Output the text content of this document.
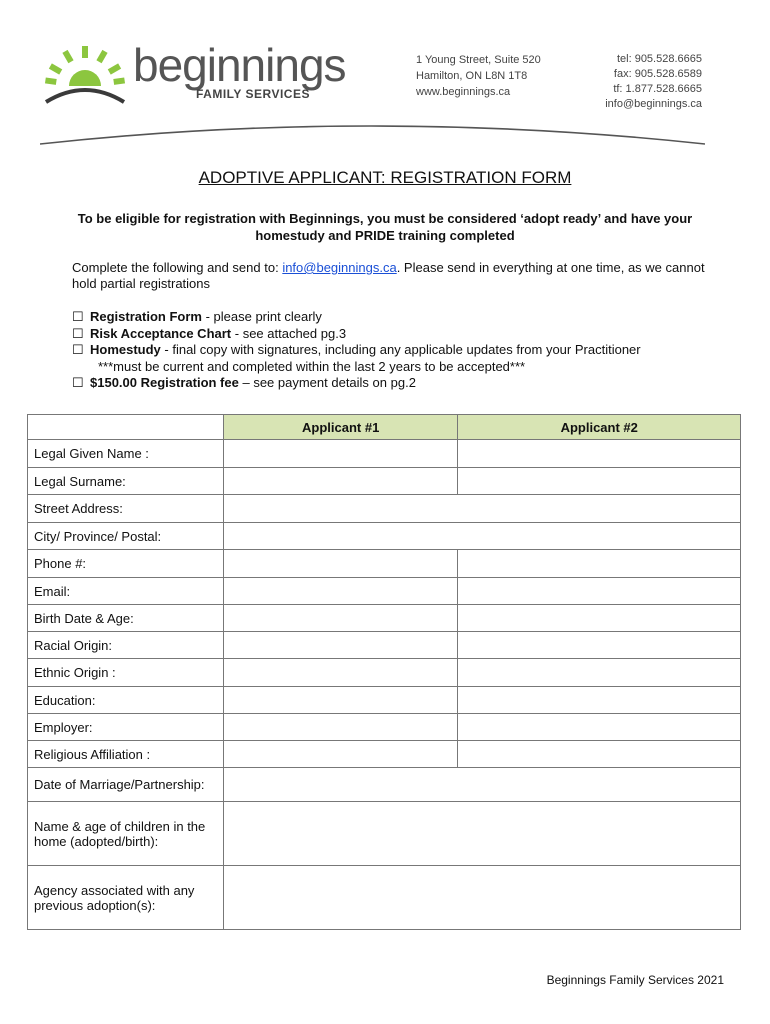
beginnings
FAMILY SERVICES
1 Young Street, Suite 520
Hamilton, ON L8N 1T8
www.beginnings.ca
tel: 905.528.6665
fax: 905.528.6589
tf: 1.877.528.6665
info@beginnings.ca
ADOPTIVE APPLICANT: REGISTRATION FORM
To be eligible for registration with Beginnings, you must be considered ‘adopt ready’ and have your homestudy and PRIDE training completed
Complete the following and send to: info@beginnings.ca. Please send in everything at one time, as we cannot hold partial registrations
☐ Registration Form - please print clearly
☐ Risk Acceptance Chart - see attached pg.3
☐ Homestudy - final copy with signatures, including any applicable updates from your Practitioner
***must be current and completed within the last 2 years to be accepted***
☐ $150.00 Registration fee – see payment details on pg.2
	Applicant #1	Applicant #2
Legal Given Name :		
Legal Surname:		
Street Address:		
City/ Province/ Postal:		
Phone #:		
Email:		
Birth Date & Age:		
Racial Origin:		
Ethnic Origin :		
Education:		
Employer:		
Religious Affiliation :		
Date of Marriage/Partnership:		
Name & age of children in the home (adopted/birth):		
Agency associated with any previous adoption(s):		
Beginnings Family Services 2021
